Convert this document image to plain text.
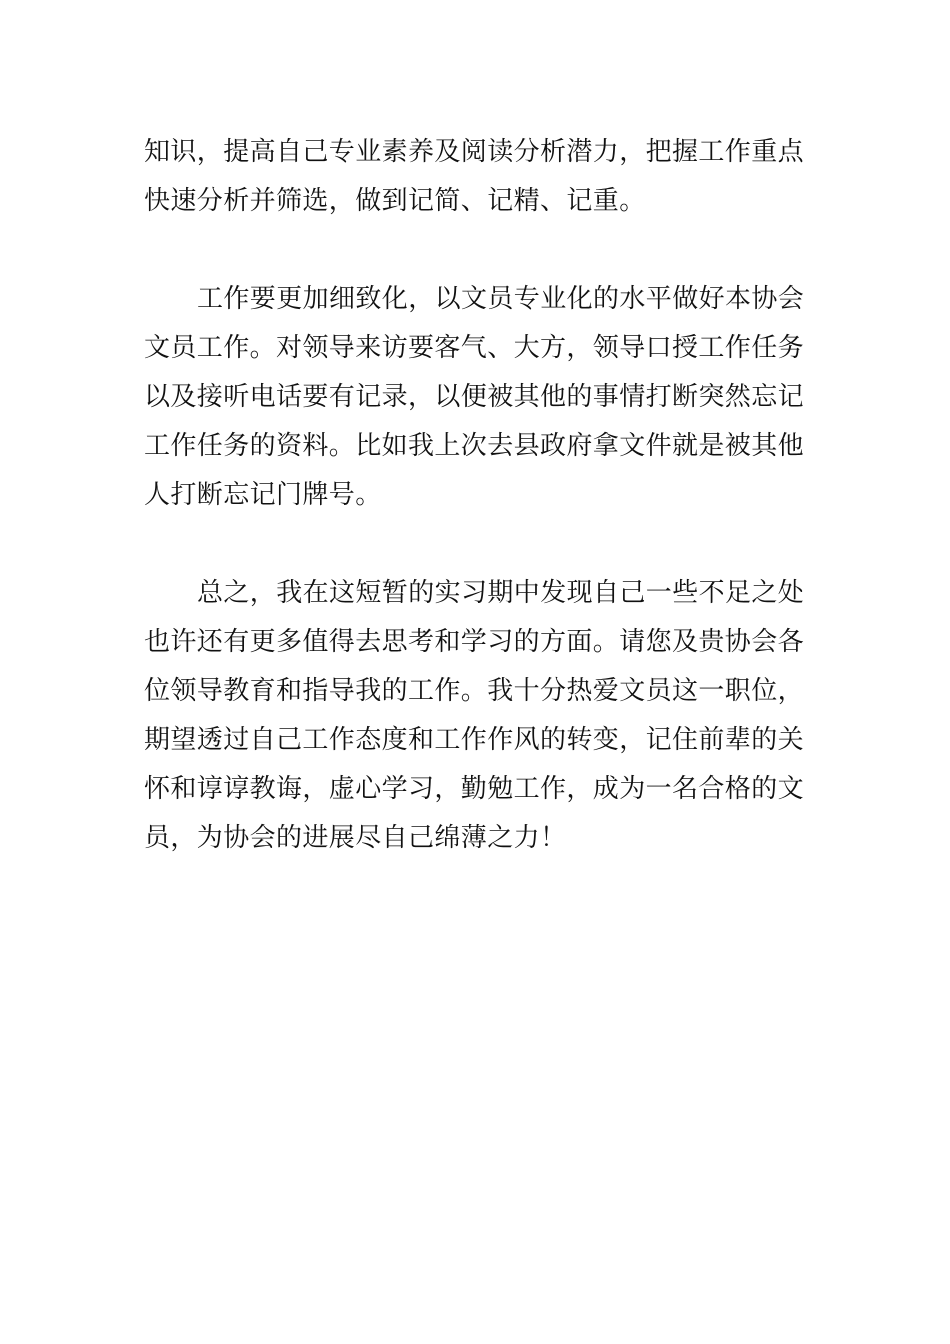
知识，提高自己专业素养及阅读分析潜力，把握工作重点
快速分析并筛选，做到记简、记精、记重。
工作要更加细致化，以文员专业化的水平做好本协会
文员工作。对领导来访要客气、大方，领导口授工作任务
以及接听电话要有记录，以便被其他的事情打断突然忘记
工作任务的资料。比如我上次去县政府拿文件就是被其他
人打断忘记门牌号。
总之，我在这短暂的实习期中发现自己一些不足之处
也许还有更多值得去思考和学习的方面。请您及贵协会各
位领导教育和指导我的工作。我十分热爱文员这一职位，
期望透过自己工作态度和工作作风的转变，记住前辈的关
怀和谆谆教诲，虚心学习，勤勉工作，成为一名合格的文
员，为协会的进展尽自己绵薄之力！
